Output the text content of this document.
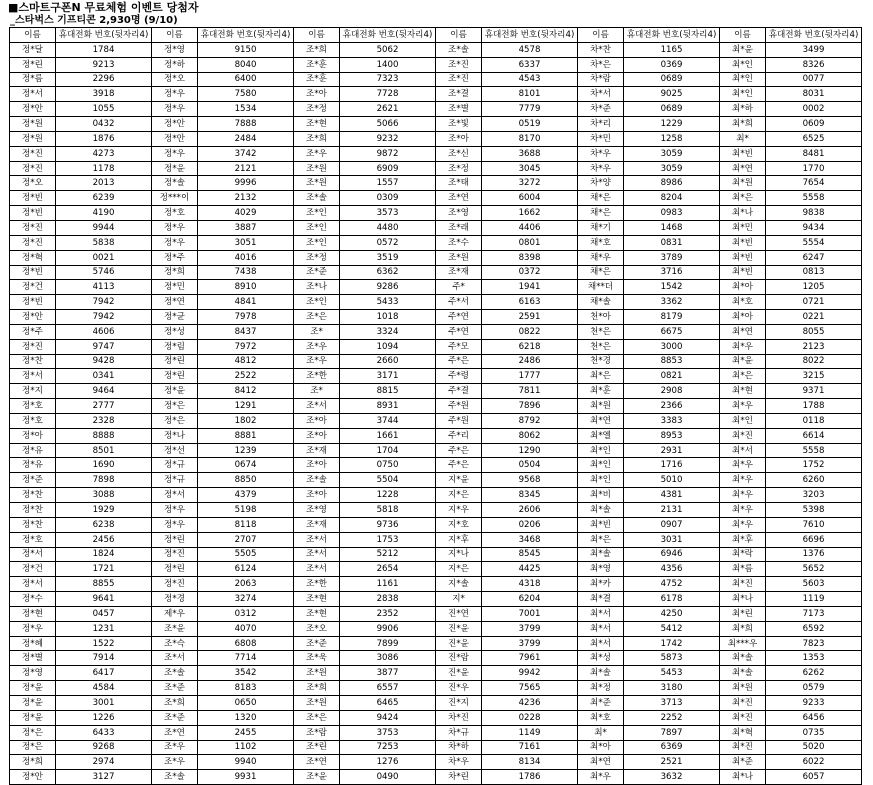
■스마트구폰N 무료체험 이벤트 당첨자
_스타벅스 기프티콘 2,930명 (9/10)
이름	휴대전화 번호(뒷자리4)	이름	휴대전화 번호(뒷자리4)	이름	휴대전화 번호(뒷자리4)	이름	휴대전화 번호(뒷자리4)	이름	휴대전화 번호(뒷자리4)	이름	휴대전화 번호(뒷자리4)
정*달	1784	정*영	9150	조*희	5062	조*솔	4578	차*찬	1165	최*윤	3499
정*린	9213	정*하	8040	조*훈	1400	조*진	6337	차*은	0369	최*인	8326
정*름	2296	정*오	6400	조*훈	7323	조*진	4543	차*람	0689	최*인	0077
정*서	3918	정*우	7580	조*아	7728	조*결	8101	차*서	9025	최*인	8031
정*안	1055	정*우	1534	조*정	2621	조*별	7779	차*준	0689	최*하	0002
정*원	0432	정*안	7888	조*현	5066	조*빛	0519	차*리	1229	최*희	0609
정*원	1876	정*안	2484	조*희	9232	조*아	8170	차*민	1258	최*	6525
정*진	4273	정*우	3742	조*우	9872	조*신	3688	차*우	3059	최*빈	8481
정*진	1178	정*윤	2121	조*원	6909	조*정	3045	차*우	3059	최*연	1770
정*오	2013	정*솔	9996	조*원	1557	조*태	3272	차*양	8986	최*원	7654
정*빈	6239	정***이	2132	조*솔	0309	조*연	6004	채*은	8204	최*은	5558
정*빈	4190	정*호	4029	조*인	3573	조*영	1662	채*은	0983	최*나	9838
정*진	9944	정*우	3887	조*인	4480	조*래	4406	채*기	1468	최*민	9434
정*진	5838	정*우	3051	조*인	0572	조*수	0801	채*호	0831	최*빈	5554
정*혁	0021	정*주	4016	조*정	3519	조*원	8398	채*우	3789	최*빈	6247
정*빈	5746	정*희	7438	조*준	6362	조*재	0372	채*은	3716	최*빈	0813
정*건	4113	정*민	8910	조*나	9286	주*	1941	채**더	1542	최*아	1205
정*빈	7942	정*연	4841	조*인	5433	주*서	6163	채*솔	3362	최*호	0721
정*안	7942	정*균	7978	조*은	1018	주*연	2591	천*아	8179	최*아	0221
정*주	4606	정*성	8437	조*	3324	주*연	0822	천*은	6675	최*연	8055
정*진	9747	정*림	7972	조*우	1094	주*모	6218	천*은	3000	최*우	2123
정*찬	9428	정*린	4812	조*우	2660	주*은	2486	천*경	8853	최*윤	8022
정*서	0341	정*린	2522	조*한	3171	주*령	1777	최*은	0821	최*은	3215
정*지	9464	정*윤	8412	조*	8815	주*결	7811	최*훈	2908	최*현	9371
정*호	2777	정*은	1291	조*서	8931	주*원	7896	최*원	2366	최*우	1788
정*호	2328	정*은	1802	조*아	3744	주*원	8792	최*연	3383	최*인	0118
정*아	8888	정*나	8881	조*아	1661	주*리	8062	최*엘	8953	최*진	6614
정*유	8501	정*선	1239	조*재	1704	주*은	1290	최*인	2931	최*서	5558
정*유	1690	정*규	0674	조*아	0750	주*은	0504	최*인	1716	최*우	1752
정*준	7898	정*규	8850	조*솔	5504	지*윤	9568	최*인	5010	최*우	6260
정*찬	3088	정*서	4379	조*아	1228	지*은	8345	최*비	4381	최*우	3203
정*찬	1929	정*우	5198	조*영	5818	지*우	2606	최*솔	2131	최*우	5398
정*찬	6238	정*우	8118	조*재	9736	지*호	0206	최*빈	0907	최*우	7610
정*호	2456	정*린	2707	조*서	1753	지*후	3468	최*은	3031	최*후	6696
정*서	1824	정*진	5505	조*서	5212	지*나	8545	최*솔	6946	최*락	1376
정*건	1721	정*린	6124	조*서	2654	지*은	4425	최*영	4356	최*름	5652
정*서	8855	정*진	2063	조*한	1161	지*솔	4318	최*카	4752	최*진	5603
정*수	9641	정*경	3274	조*현	2838	지*	6204	최*결	6178	최*나	1119
정*현	0457	제*우	0312	조*현	2352	진*연	7001	최*서	4250	최*린	7173
정*우	1231	조*윤	4070	조*오	9906	진*윤	3799	최*서	5412	최*희	6592
정*혜	1522	조*슥	6808	조*준	7899	진*윤	3799	최*서	1742	최***우	7823
정*별	7914	조*서	7714	조*욱	3086	진*람	7961	최*성	5873	최*솔	1353
정*영	6417	조*솔	3542	조*원	3877	진*윤	9942	최*솔	5453	최*솔	6262
정*윤	4584	조*준	8183	조*희	6557	진*우	7565	최*정	3180	최*원	0579
정*윤	3001	조*희	0650	조*원	6465	진*지	4236	최*준	3713	최*진	9233
정*윤	1226	조*준	1320	조*은	9424	차*진	0228	최*호	2252	최*진	6456
정*은	6433	조*연	2455	조*람	3753	차*규	1149	최*	7897	최*혁	0735
정*은	9268	조*우	1102	조*린	7253	차*하	7161	최*아	6369	최*진	5020
정*희	2974	조*우	9940	조*연	1276	차*우	8134	최*연	2521	최*준	6022
정*안	3127	조*솔	9931	조*윤	0490	차*린	1786	최*우	3632	최*나	6057
